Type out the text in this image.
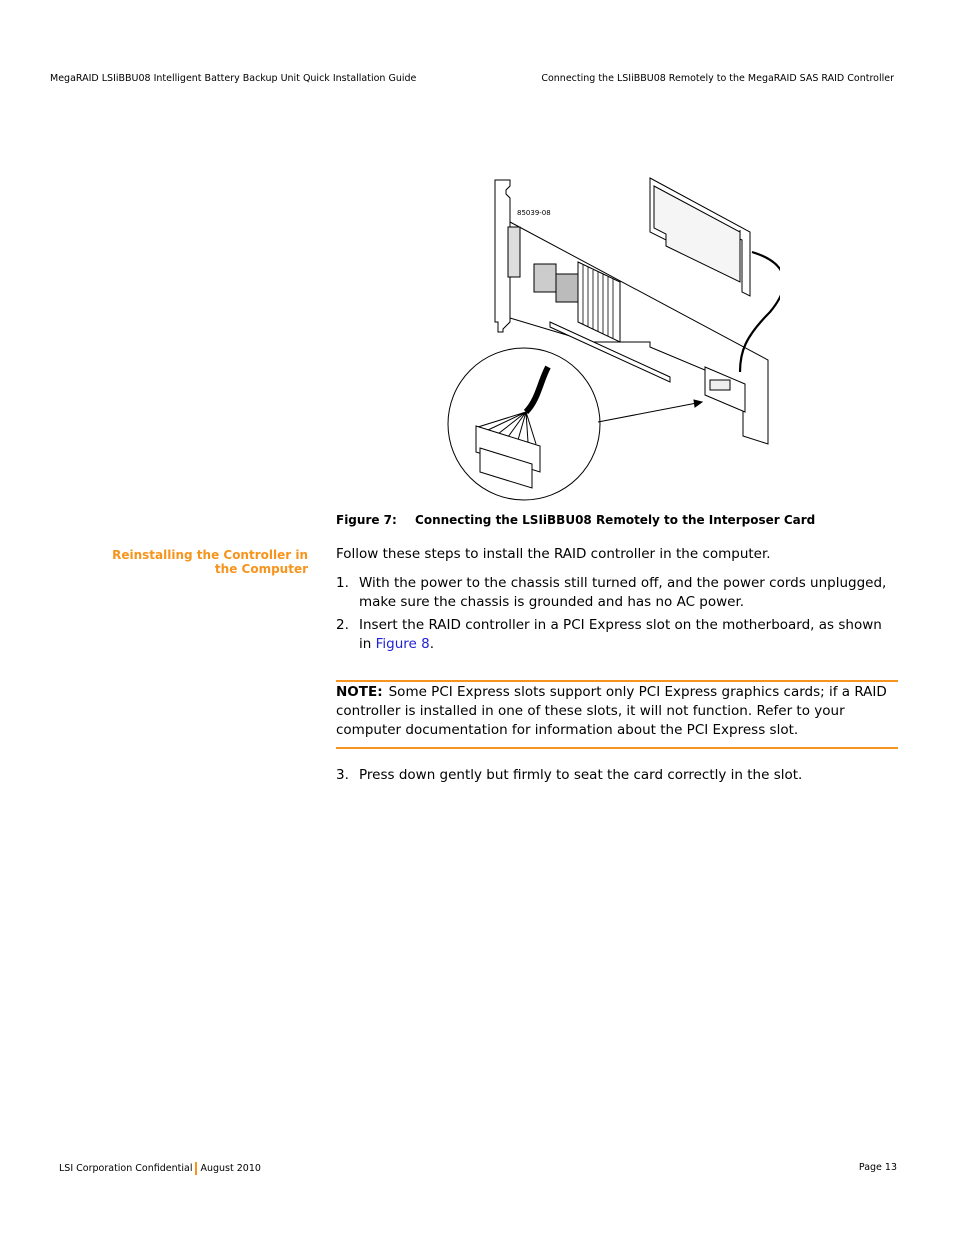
MegaRAID LSIiBBU08 Intelligent Battery Backup Unit Quick Installation Guide	Connecting the LSIiBBU08 Remotely to the MegaRAID SAS RAID Controller
85039-08
Figure 7: Connecting the LSIiBBU08 Remotely to the Interposer Card
Reinstalling the Controller in the Computer
Follow these steps to install the RAID controller in the computer.
1. With the power to the chassis still turned off, and the power cords unplugged, make sure the chassis is grounded and has no AC power.
2. Insert the RAID controller in a PCI Express slot on the motherboard, as shown in Figure 8.
NOTE: Some PCI Express slots support only PCI Express graphics cards; if a RAID controller is installed in one of these slots, it will not function. Refer to your computer documentation for information about the PCI Express slot.
3. Press down gently but firmly to seat the card correctly in the slot.
LSI Corporation Confidential August 2010	Page 13
